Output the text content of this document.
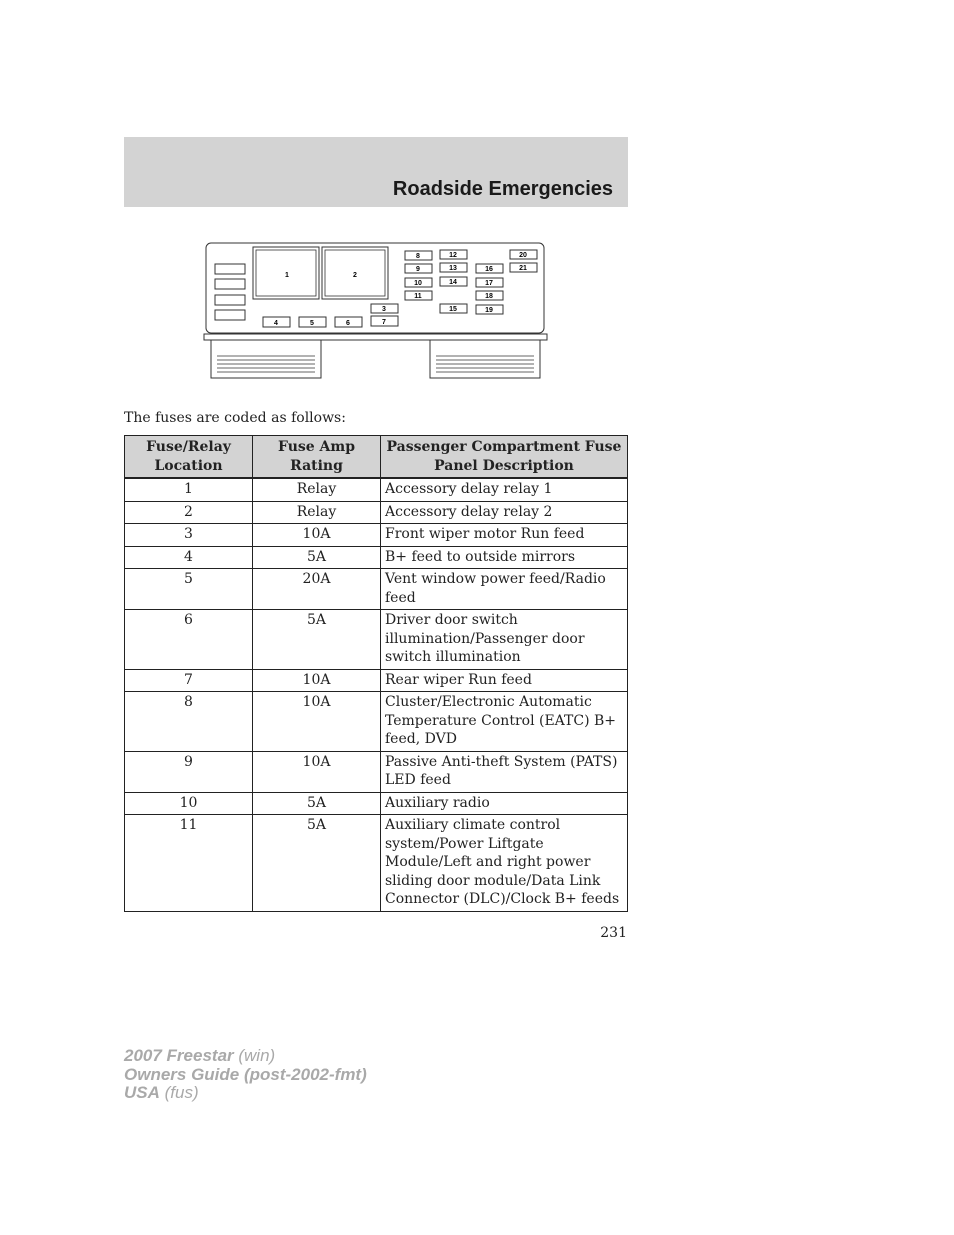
Roadside Emergencies
1	2
4	5	6
3
7
8
9
10
11
12
13
14
15
16
17
18
19
20
21
The fuses are coded as follows:
Fuse/Relay Location	Fuse Amp Rating	Passenger Compartment Fuse Panel Description
1	Relay	Accessory delay relay 1
2	Relay	Accessory delay relay 2
3	10A	Front wiper motor Run feed
4	5A	B+ feed to outside mirrors
5	20A	Vent window power feed/Radio feed
6	5A	Driver door switch illumination/Passenger door switch illumination
7	10A	Rear wiper Run feed
8	10A	Cluster/Electronic Automatic Temperature Control (EATC) B+ feed, DVD
9	10A	Passive Anti-theft System (PATS) LED feed
10	5A	Auxiliary radio
11	5A	Auxiliary climate control system/Power Liftgate Module/Left and right power sliding door module/Data Link Connector (DLC)/Clock B+ feeds
231
2007 Freestar (win)
Owners Guide (post-2002-fmt)
USA (fus)
